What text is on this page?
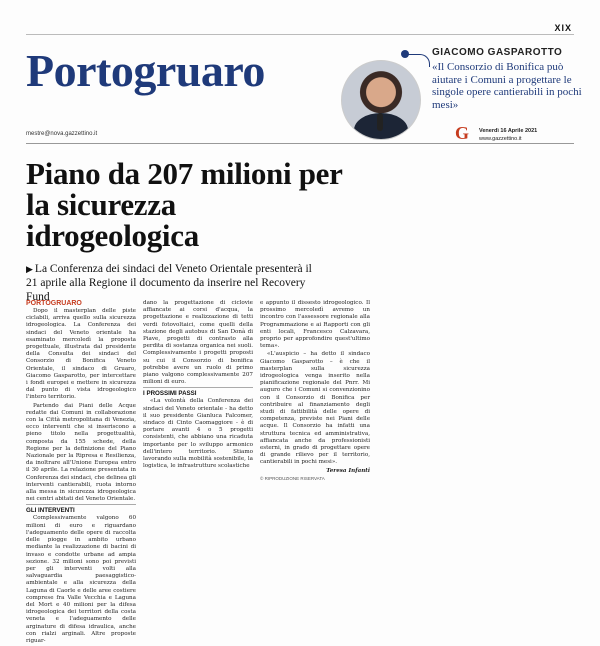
XIX
Portogruaro	GIACOMO GASPAROTTO
«Il Consorzio di Bonifica può aiutare i Comuni a progettare le singole opere cantierabili in pochi mesi»
mestre@nova.gazzettino.it	G Venerdì 16 Aprile 2021
www.gazzettino.it
Piano da 207 milioni per la sicurezza idrogeologica
▶ La Conferenza dei sindaci del Veneto Orientale presenterà il 21 aprile alla Regione il documento da inserire nel Recovery Fund

PORTOGRUARO

Dopo il masterplan delle piste ciclabili, arriva quello sulla sicurezza idrogeologica. La Conferenza dei sindaci del Veneto orientale ha esaminato mercoledì la proposta progettuale, illustrata dal presidente della Consulta dei sindaci del Consorzio di Bonifica Veneto Orientale, il sindaco di Gruaro, Giacomo Gasparotto, per intercettare i fondi europei e mettere in sicurezza dal punto di vista idrogeologico l'intero territorio.

Partendo dai Piani delle Acque redatte dai Comuni in collaborazione con la Città metropolitana di Venezia, ecco interventi che si inseriscono a pieno titolo nella progettualità, composta da 155 schede, della Regione per la definizione del Piano Nazionale per la Ripresa e Resilienza, da inoltrare all'Unione Europea entro il 30 aprile. La relazione presentata in Conferenza dei sindaci, che delinea gli interventi cantierabili, ruota intorno alla messa in sicurezza idrogeologica nei centri abitati del Veneto Orientale.

GLI INTERVENTI

Complessivamente valgono 60 milioni di euro e riguardano l'adeguamento delle opere di raccolta delle piogge in ambito urbano mediante la realizzazione di bacini di invaso e condotte urbane ad ampia sezione. 32 milioni sono poi previsti per gli interventi volti alla salvaguardia paesaggistico-ambientale e alla sicurezza della Laguna di Caorle e delle aree costiere comprese fra Valle Vecchia e Laguna del Mort e 40 milioni per la difesa idrogeologica dei territori della costa veneta e l'adeguamento delle arginature di difesa idraulica, anche con rialzi arginali. Altre proposte riguar-

dano la progettazione di ciclovie affiancate ai corsi d'acqua, la progettazione e realizzazione di tetti verdi fotovoltaici, come quelli della stazione degli autobus di San Donà di Piave, progetti di contrasto alla perdita di sostanza organica nei suoli. Complessivamente i progetti proposti su cui il Consorzio di bonifica potrebbe avere un ruolo di primo piano valgono complessivamente 207 milioni di euro.

I PROSSIMI PASSI

«La volontà della Conferenza dei sindaci del Veneto orientale - ha detto il suo presidente Gianluca Falcomer, sindaco di Cinto Caomaggiore - è di portare avanti 4 o 5 progetti consistenti, che abbiano una ricaduta importante per lo sviluppo armonico dell'intero territorio. Stiamo lavorando sulla mobilità sostenibile, la logistica, le infrastrutture scolastiche

e appunto il dissesto idrogeologico. Il prossimo mercoledì avremo un incontro con l'assessore regionale alla Programmazione e ai Rapporti con gli enti locali, Francesco Calzavara, proprio per approfondire quest'ultimo tema».

«L'auspicio – ha detto il sindaco Giacomo Gasparotto – è che il masterplan sulla sicurezza idrogeologica venga inserito nella pianificazione regionale del Pnrr. Mi auguro che i Comuni si convenzionino con il Consorzio di Bonifica per contribuire al finanziamento degli studi di fattibilità delle opere di competenza, previste nei Piani delle acque. Il Consorzio ha infatti una struttura tecnica ed amministrativa, affiancata anche da professionisti esterni, in grado di progettare opere di grande rilievo per il territorio, cantierabili in pochi mesi».

Teresa Infanti

© RIPRODUZIONE RISERVATA
